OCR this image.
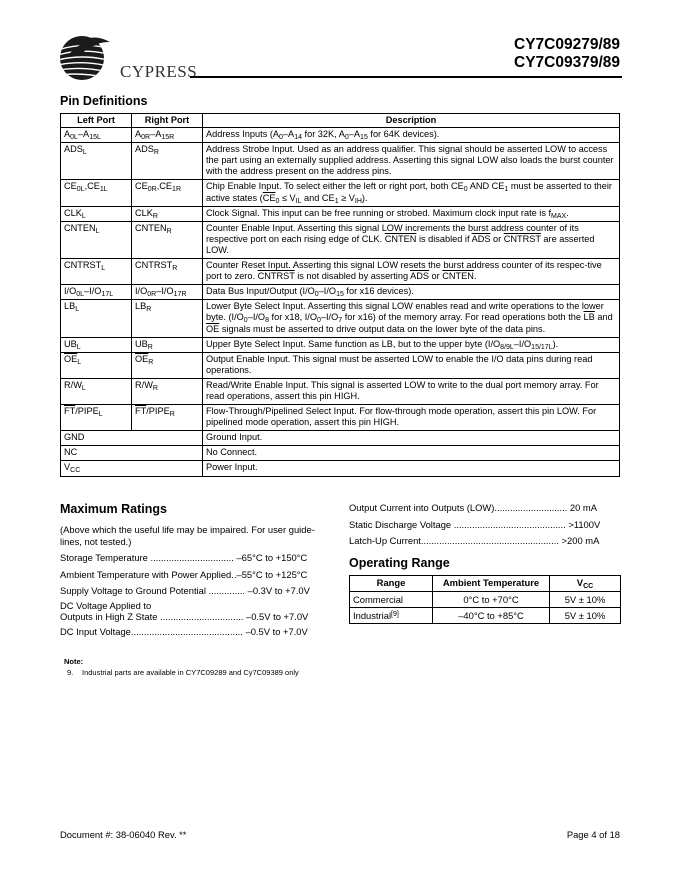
CYPRESS
CY7C09279/89
CY7C09379/89
Pin Definitions
Left Port	Right Port	Description
$A_{0L}-A_{15L}$	$A_{0R}-A_{15R}$	Address Inputs ($A_0-A_{14}$ for 32K, $A_0-A_{15}$ for 64K devices).
$ADS_L$	$ADS_R$	Address Strobe Input. Used as an address qualifier. This signal should be asserted LOW to access the part using an externally supplied address. Asserting this signal LOW also loads the burst counter with the address present on the address pins.
$CE_{0L},CE_{1L}$	$CE_{0R},CE_{1R}$	Chip Enable Input. To select either the left or right port, both $CE_0$ AND $CE_1$ must be asserted to their active states ($\overline{CE}_0 \le V_{IL}$ and $CE_1 \ge V_{IH}$).
$CLK_L$	$CLK_R$	Clock Signal. This input can be free running or strobed. Maximum clock input rate is $f_{MAX}$.
$CNTEN_L$	$CNTEN_R$	Counter Enable Input. Asserting this signal LOW increments the burst address counter of its respective port on each rising edge of CLK. CNTEN is disabled if $\overline{ADS}$ or CNTRST are asserted LOW.
$CNTRST_L$	$CNTRST_R$	Counter Reset Input. Asserting this signal LOW resets the burst address counter of its respec-tive port to zero. CNTRST is not disabled by asserting $\overline{ADS}$ or CNTEN.
$I/O_{0L}-I/O_{17L}$	$I/O_{0R}-I/O_{17R}$	Data Bus Input/Output ($I/O_0-I/O_{15}$ for x16 devices).
$LB_L$	$LB_R$	Lower Byte Select Input. Asserting this signal LOW enables read and write operations to the lower byte. ($I/O_0-I/O_8$ for x18, $I/O_0-I/O_7$ for x16) of the memory array. For read operations both the $\overline{LB}$ and $\overline{OE}$ signals must be asserted to drive output data on the lower byte of the data pins.
$UB_L$	$UB_R$	Upper Byte Select Input. Same function as LB, but to the upper byte $(I/O_{8/9L}-I/O_{15/17L})$.
$\overline{OE}_L$	$\overline{OE}_R$	Output Enable Input. This signal must be asserted LOW to enable the I/O data pins during read operations.
$R/W_L$	$R/W_R$	Read/Write Enable Input. This signal is asserted LOW to write to the dual port memory array. For read operations, assert this pin HIGH.
$\overline{FT}/PIPE_L$	$\overline{FT}/PIPE_R$	Flow-Through/Pipelined Select Input. For flow-through mode operation, assert this pin LOW. For pipelined mode operation, assert this pin HIGH.
GND		Ground Input.
NC		No Connect.
$V_{CC}$		Power Input.
Maximum Ratings
(Above which the useful life may be impaired. For user guide-lines, not tested.)
Storage Temperature ................................ –65°C to +150°C
Ambient Temperature with Power Applied..–55°C to +125°C
Supply Voltage to Ground Potential .............. –0.3V to +7.0V
DC Voltage Applied to
Outputs in High Z State ................................ –0.5V to +7.0V
DC Input Voltage........................................... –0.5V to +7.0V
Output Current into Outputs (LOW)............................ 20 mA
Static Discharge Voltage ........................................... >1100V
Latch-Up Current..................................................... >200 mA
Operating Range
Range	Ambient Temperature	$V_{CC}$
Commercial	0°C to +70°C	5V ± 10%
Industrial[9]	–40°C to +85°C	5V ± 10%
Note:
9. Industrial parts are available in CY7C09289 and Cy7C09389 only
Document #: 38-06040 Rev. **	Page 4 of 18
